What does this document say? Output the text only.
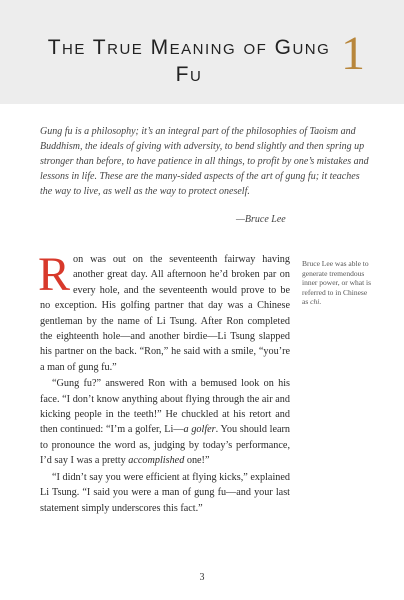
The True Meaning of Gung Fu	1

Gung fu is a philosophy; it’s an integral part of the philosophies of Taoism and Buddhism, the ideals of giving with adversity, to bend slightly and then spring up stronger than before, to have patience in all things, to profit by one’s mistakes and lessons in life. These are the many-sided aspects of the art of gung fu; it teaches the way to live, as well as the way to protect oneself.

—Bruce Lee

Bruce Lee was able to generate tremendous inner power, or what is referred to in Chinese as chi.

Ron was out on the seventeenth fairway having another great day. All afternoon he’d broken par on every hole, and the seventeenth would prove to be no exception. His golfing partner that day was a Chinese gentleman by the name of Li Tsung. After Ron completed the eighteenth hole—and another birdie—Li Tsung slapped his partner on the back. “Ron,” he said with a smile, “you’re a man of gung fu.”

“Gung fu?” answered Ron with a bemused look on his face. “I don’t know anything about flying through the air and kicking people in the teeth!” He chuckled at his retort and then continued: “I’m a golfer, Li—a golfer. You should learn to pronounce the word as, judging by today’s performance, I’d say I was a pretty accomplished one!”

“I didn’t say you were efficient at flying kicks,” explained Li Tsung. “I said you were a man of gung fu—and your last statement simply underscores this fact.”

3
